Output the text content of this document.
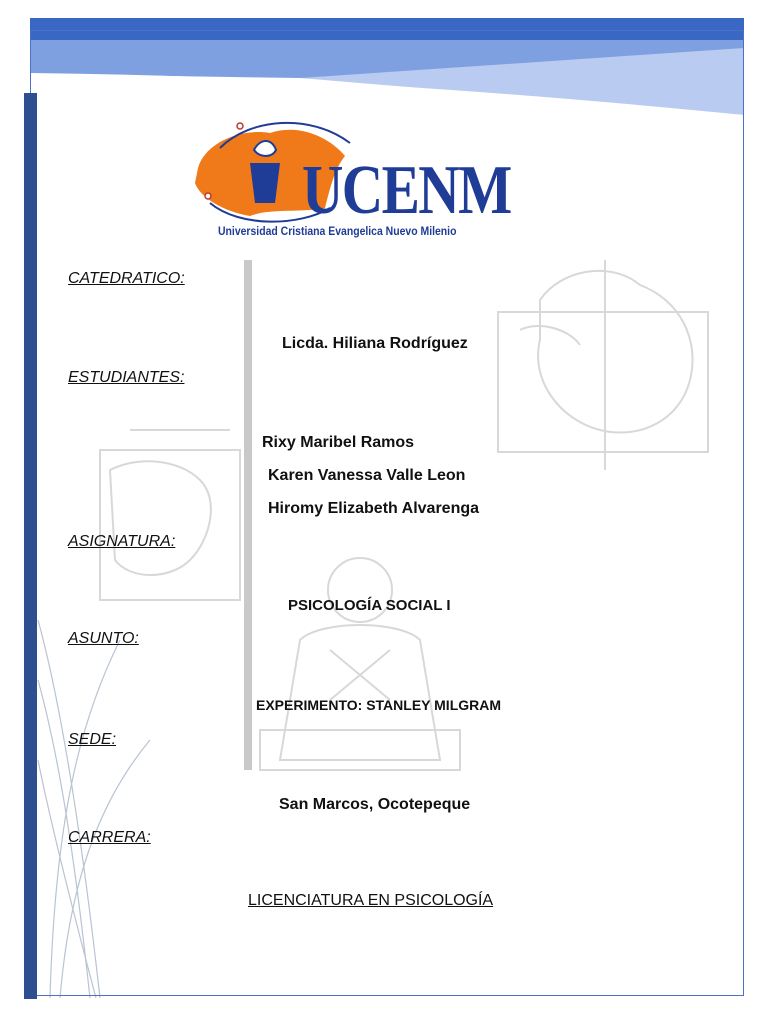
UCENM
Universidad Cristiana Evangelica Nuevo Milenio
CATEDRATICO:
Licda. Hiliana Rodríguez
ESTUDIANTES:
Rixy Maribel Ramos
Karen Vanessa Valle Leon
Hiromy Elizabeth Alvarenga
ASIGNATURA:
PSICOLOGÍA SOCIAL I
ASUNTO:
EXPERIMENTO: STANLEY MILGRAM
SEDE:
San Marcos, Ocotepeque
CARRERA:
LICENCIATURA EN PSICOLOGÍA
